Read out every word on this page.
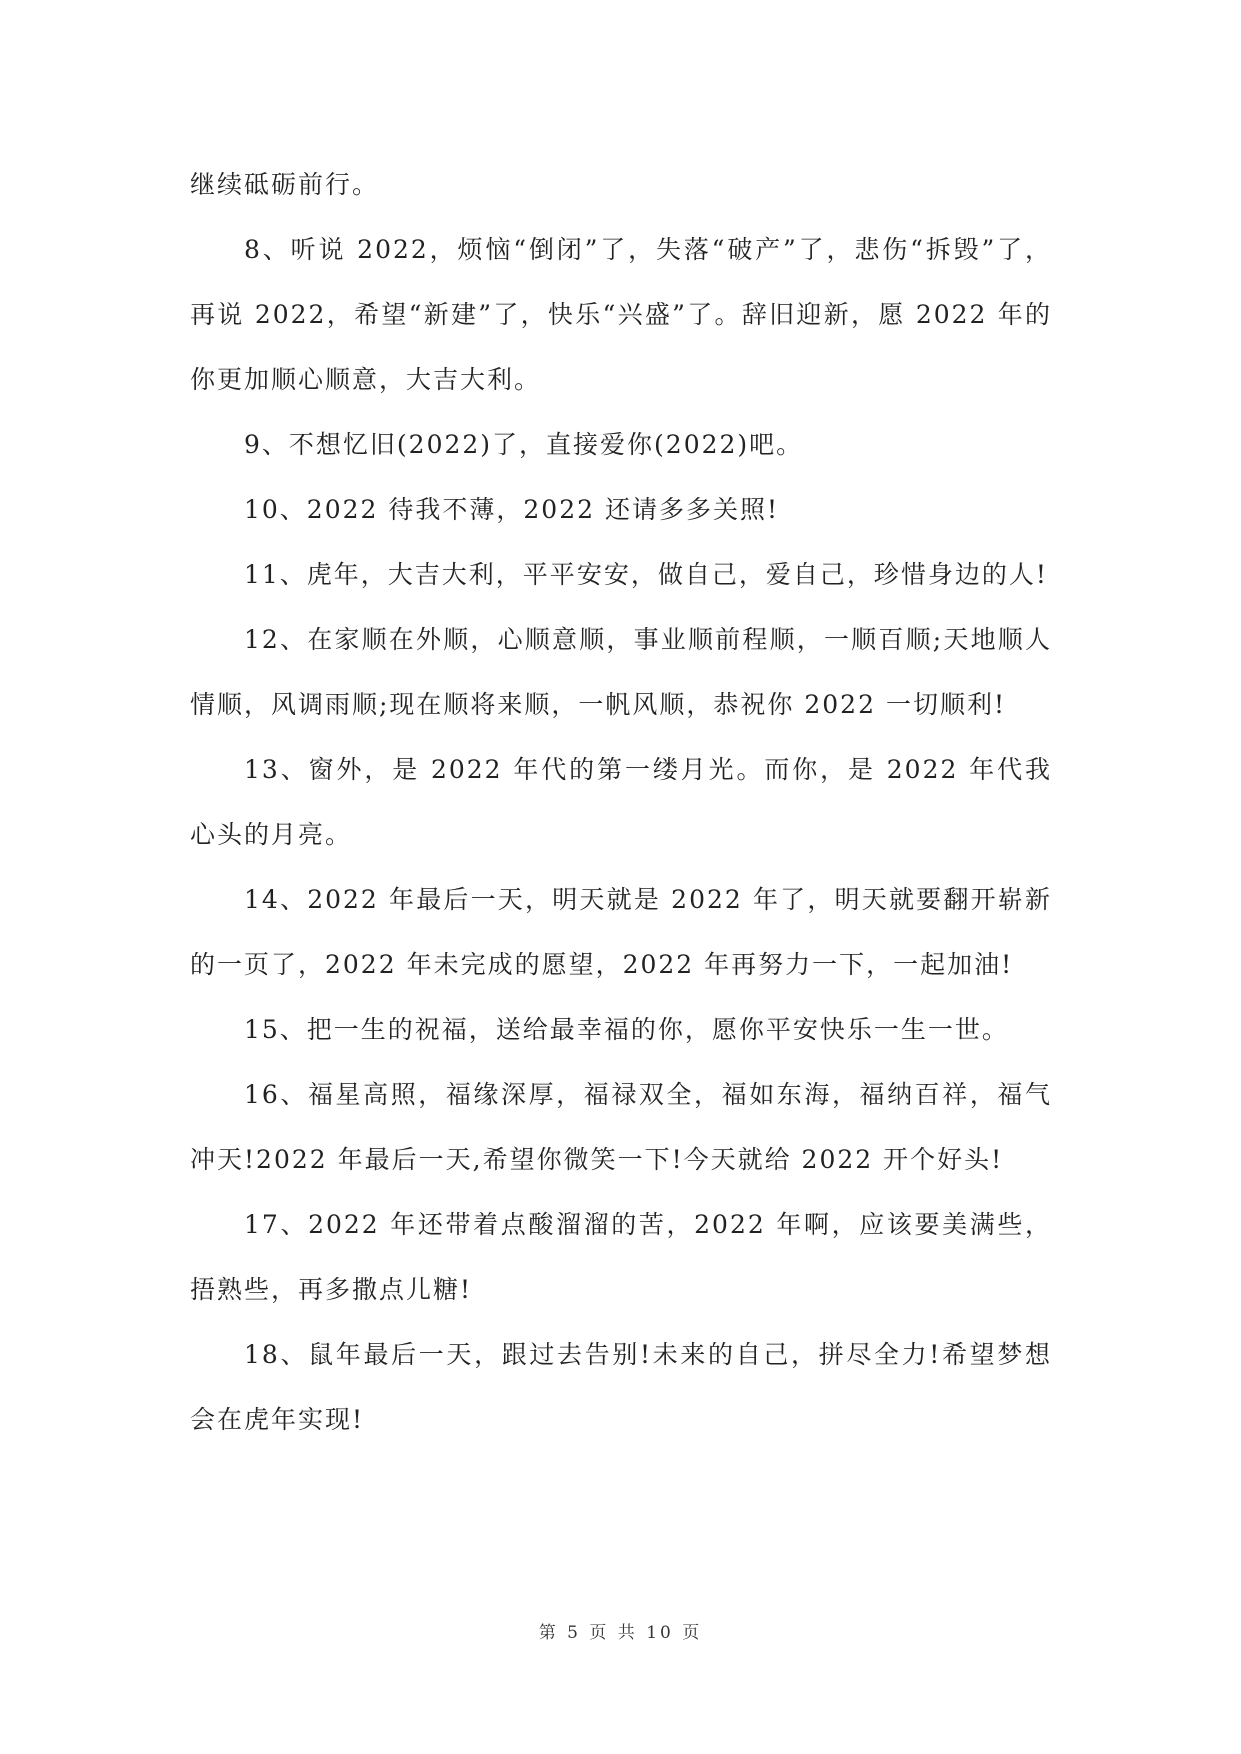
继续砥砺前行。

8、听说 2022，烦恼“倒闭”了，失落“破产”了，悲伤“拆毁”了，再说 2022，希望“新建”了，快乐“兴盛”了。辞旧迎新，愿 2022 年的你更加顺心顺意，大吉大利。

9、不想忆旧(2022)了，直接爱你(2022)吧。

10、2022 待我不薄，2022 还请多多关照!

11、虎年，大吉大利，平平安安，做自己，爱自己，珍惜身边的人!

12、在家顺在外顺，心顺意顺，事业顺前程顺，一顺百顺;天地顺人情顺，风调雨顺;现在顺将来顺，一帆风顺，恭祝你 2022 一切顺利!

13、窗外，是 2022 年代的第一缕月光。而你，是 2022 年代我心头的月亮。

14、2022 年最后一天，明天就是 2022 年了，明天就要翻开崭新的一页了，2022 年未完成的愿望，2022 年再努力一下，一起加油!

15、把一生的祝福，送给最幸福的你，愿你平安快乐一生一世。

16、福星高照，福缘深厚，福禄双全，福如东海，福纳百祥，福气冲天!2022 年最后一天,希望你微笑一下!今天就给 2022 开个好头!

17、2022 年还带着点酸溜溜的苦，2022 年啊，应该要美满些，捂熟些，再多撒点儿糖!

18、鼠年最后一天，跟过去告别!未来的自己，拼尽全力!希望梦想会在虎年实现!

第 5 页 共 10 页
